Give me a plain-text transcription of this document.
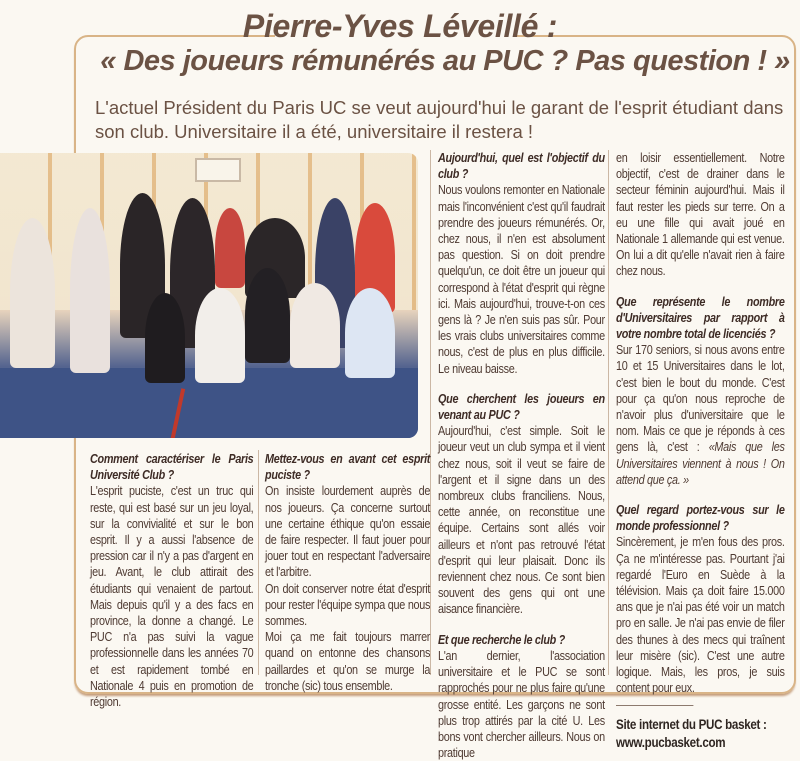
Pierre-Yves Léveillé :
« Des joueurs rémunérés au PUC ? Pas question ! »
L'actuel Président du Paris UC se veut aujourd'hui le garant de l'esprit étudiant dans son club. Universitaire il a été, universitaire il restera !
Comment caractériser le Paris Université Club ?

L'esprit puciste, c'est un truc qui reste, qui est basé sur un jeu loyal, sur la convivialité et sur le bon esprit. Il y a aussi l'absence de pression car il n'y a pas d'argent en jeu. Avant, le club attirait des étudiants qui venaient de partout. Mais depuis qu'il y a des facs en province, la donne a changé. Le PUC n'a pas suivi la vague professionnelle dans les années 70 et est rapidement tombé en Nationale 4 puis en promotion de région.

Mettez-vous en avant cet esprit puciste ?

On insiste lourdement auprès de nos joueurs. Ça concerne surtout une certaine éthique qu'on essaie de faire respecter. Il faut jouer pour jouer tout en respectant l'adversaire et l'arbitre.

On doit conserver notre état d'esprit pour rester l'équipe sympa que nous sommes.

Moi ça me fait toujours marrer quand on entonne des chansons paillardes et qu'on se murge la tronche (sic) tous ensemble.

Aujourd'hui, quel est l'objectif du club ?

Nous voulons remonter en Nationale mais l'inconvénient c'est qu'il faudrait prendre des joueurs rémunérés. Or, chez nous, il n'en est absolument pas question. Si on doit prendre quelqu'un, ce doit être un joueur qui correspond à l'état d'esprit qui règne ici. Mais aujourd'hui, trouve-t-on ces gens là ? Je n'en suis pas sûr. Pour les vrais clubs universitaires comme nous, c'est de plus en plus difficile. Le niveau baisse.

Que cherchent les joueurs en venant au PUC ?

Aujourd'hui, c'est simple. Soit le joueur veut un club sympa et il vient chez nous, soit il veut se faire de l'argent et il signe dans un des nombreux clubs franciliens. Nous, cette année, on reconstitue une équipe. Certains sont allés voir ailleurs et n'ont pas retrouvé l'état d'esprit qui leur plaisait. Donc ils reviennent chez nous. Ce sont bien souvent des gens qui ont une aisance financière.

Et que recherche le club ?

L'an dernier, l'association universitaire et le PUC se sont rapprochés pour ne plus faire qu'une grosse entité. Les garçons ne sont plus trop attirés par la cité U. Les bons vont chercher ailleurs. Nous on pratique

en loisir essentiellement. Notre objectif, c'est de drainer dans le secteur féminin aujourd'hui. Mais il faut rester les pieds sur terre. On a eu une fille qui avait joué en Nationale 1 allemande qui est venue. On lui a dit qu'elle n'avait rien à faire chez nous.

Que représente le nombre d'Universitaires par rapport à votre nombre total de licenciés ?

Sur 170 seniors, si nous avons entre 10 et 15 Universitaires dans le lot, c'est bien le bout du monde. C'est pour ça qu'on nous reproche de n'avoir plus d'universitaire que le nom. Mais ce que je réponds à ces gens là, c'est : «Mais que les Universitaires viennent à nous ! On attend que ça. »

Quel regard portez-vous sur le monde professionnel ?

Sincèrement, je m'en fous des pros. Ça ne m'intéresse pas. Pourtant j'ai regardé l'Euro en Suède à la télévision. Mais ça doit faire 15.000 ans que je n'ai pas été voir un match pro en salle. Je n'ai pas envie de filer des thunes à des mecs qui traînent leur misère (sic). C'est une autre logique. Mais, les pros, je suis content pour eux.

Site internet du PUC basket :
www.pucbasket.com
